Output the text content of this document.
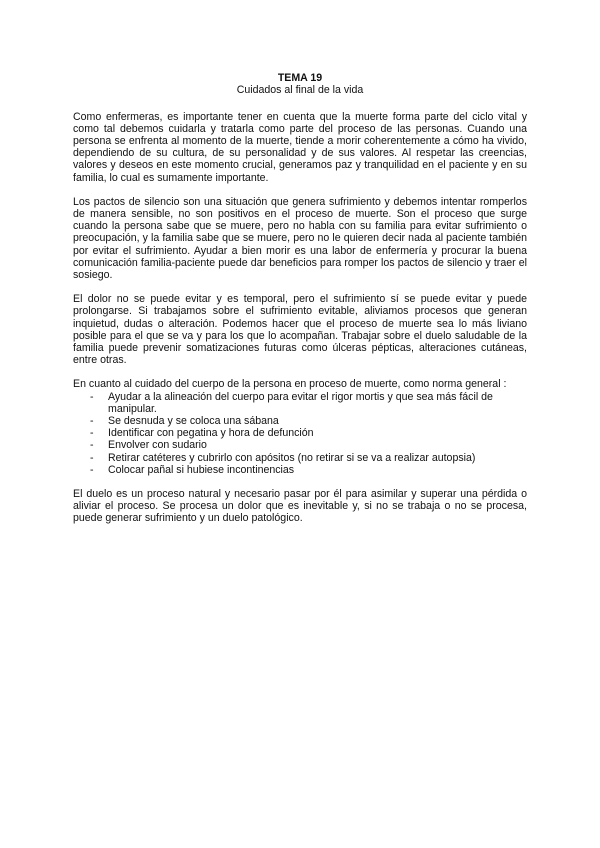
TEMA 19

Cuidados al final de la vida

Como enfermeras, es importante tener en cuenta que la muerte forma parte del ciclo vital y como tal debemos cuidarla y tratarla como parte del proceso de las personas. Cuando una persona se enfrenta al momento de la muerte, tiende a morir coherentemente a cómo ha vivido, dependiendo de su cultura, de su personalidad y de sus valores. Al respetar las creencias, valores y deseos en este momento crucial, generamos paz y tranquilidad en el paciente y en su familia, lo cual es sumamente importante.

Los pactos de silencio son una situación que genera sufrimiento y debemos intentar romperlos de manera sensible, no son positivos en el proceso de muerte. Son el proceso que surge cuando la persona sabe que se muere, pero no habla con su familia para evitar sufrimiento o preocupación, y la familia sabe que se muere, pero no le quieren decir nada al paciente también por evitar el sufrimiento. Ayudar a bien morir es una labor de enfermería y procurar la buena comunicación familia-paciente puede dar beneficios para romper los pactos de silencio y traer el sosiego.

El dolor no se puede evitar y es temporal, pero el sufrimiento sí se puede evitar y puede prolongarse. Si trabajamos sobre el sufrimiento evitable, aliviamos procesos que generan inquietud, dudas o alteración. Podemos hacer que el proceso de muerte sea lo más liviano posible para el que se va y para los que lo acompañan. Trabajar sobre el duelo saludable de la familia puede prevenir somatizaciones futuras como úlceras pépticas, alteraciones cutáneas, entre otras.

En cuanto al cuidado del cuerpo de la persona en proceso de muerte, como norma general :

- Ayudar a la alineación del cuerpo para evitar el rigor mortis y que sea más fácil de manipular.
- Se desnuda y se coloca una sábana
- Identificar con pegatina y hora de defunción
- Envolver con sudario
- Retirar catéteres y cubrirlo con apósitos (no retirar si se va a realizar autopsia)
- Colocar pañal si hubiese incontinencias

El duelo es un proceso natural y necesario pasar por él para asimilar y superar una pérdida o aliviar el proceso. Se procesa un dolor que es inevitable y, si no se trabaja o no se procesa, puede generar sufrimiento y un duelo patológico.
